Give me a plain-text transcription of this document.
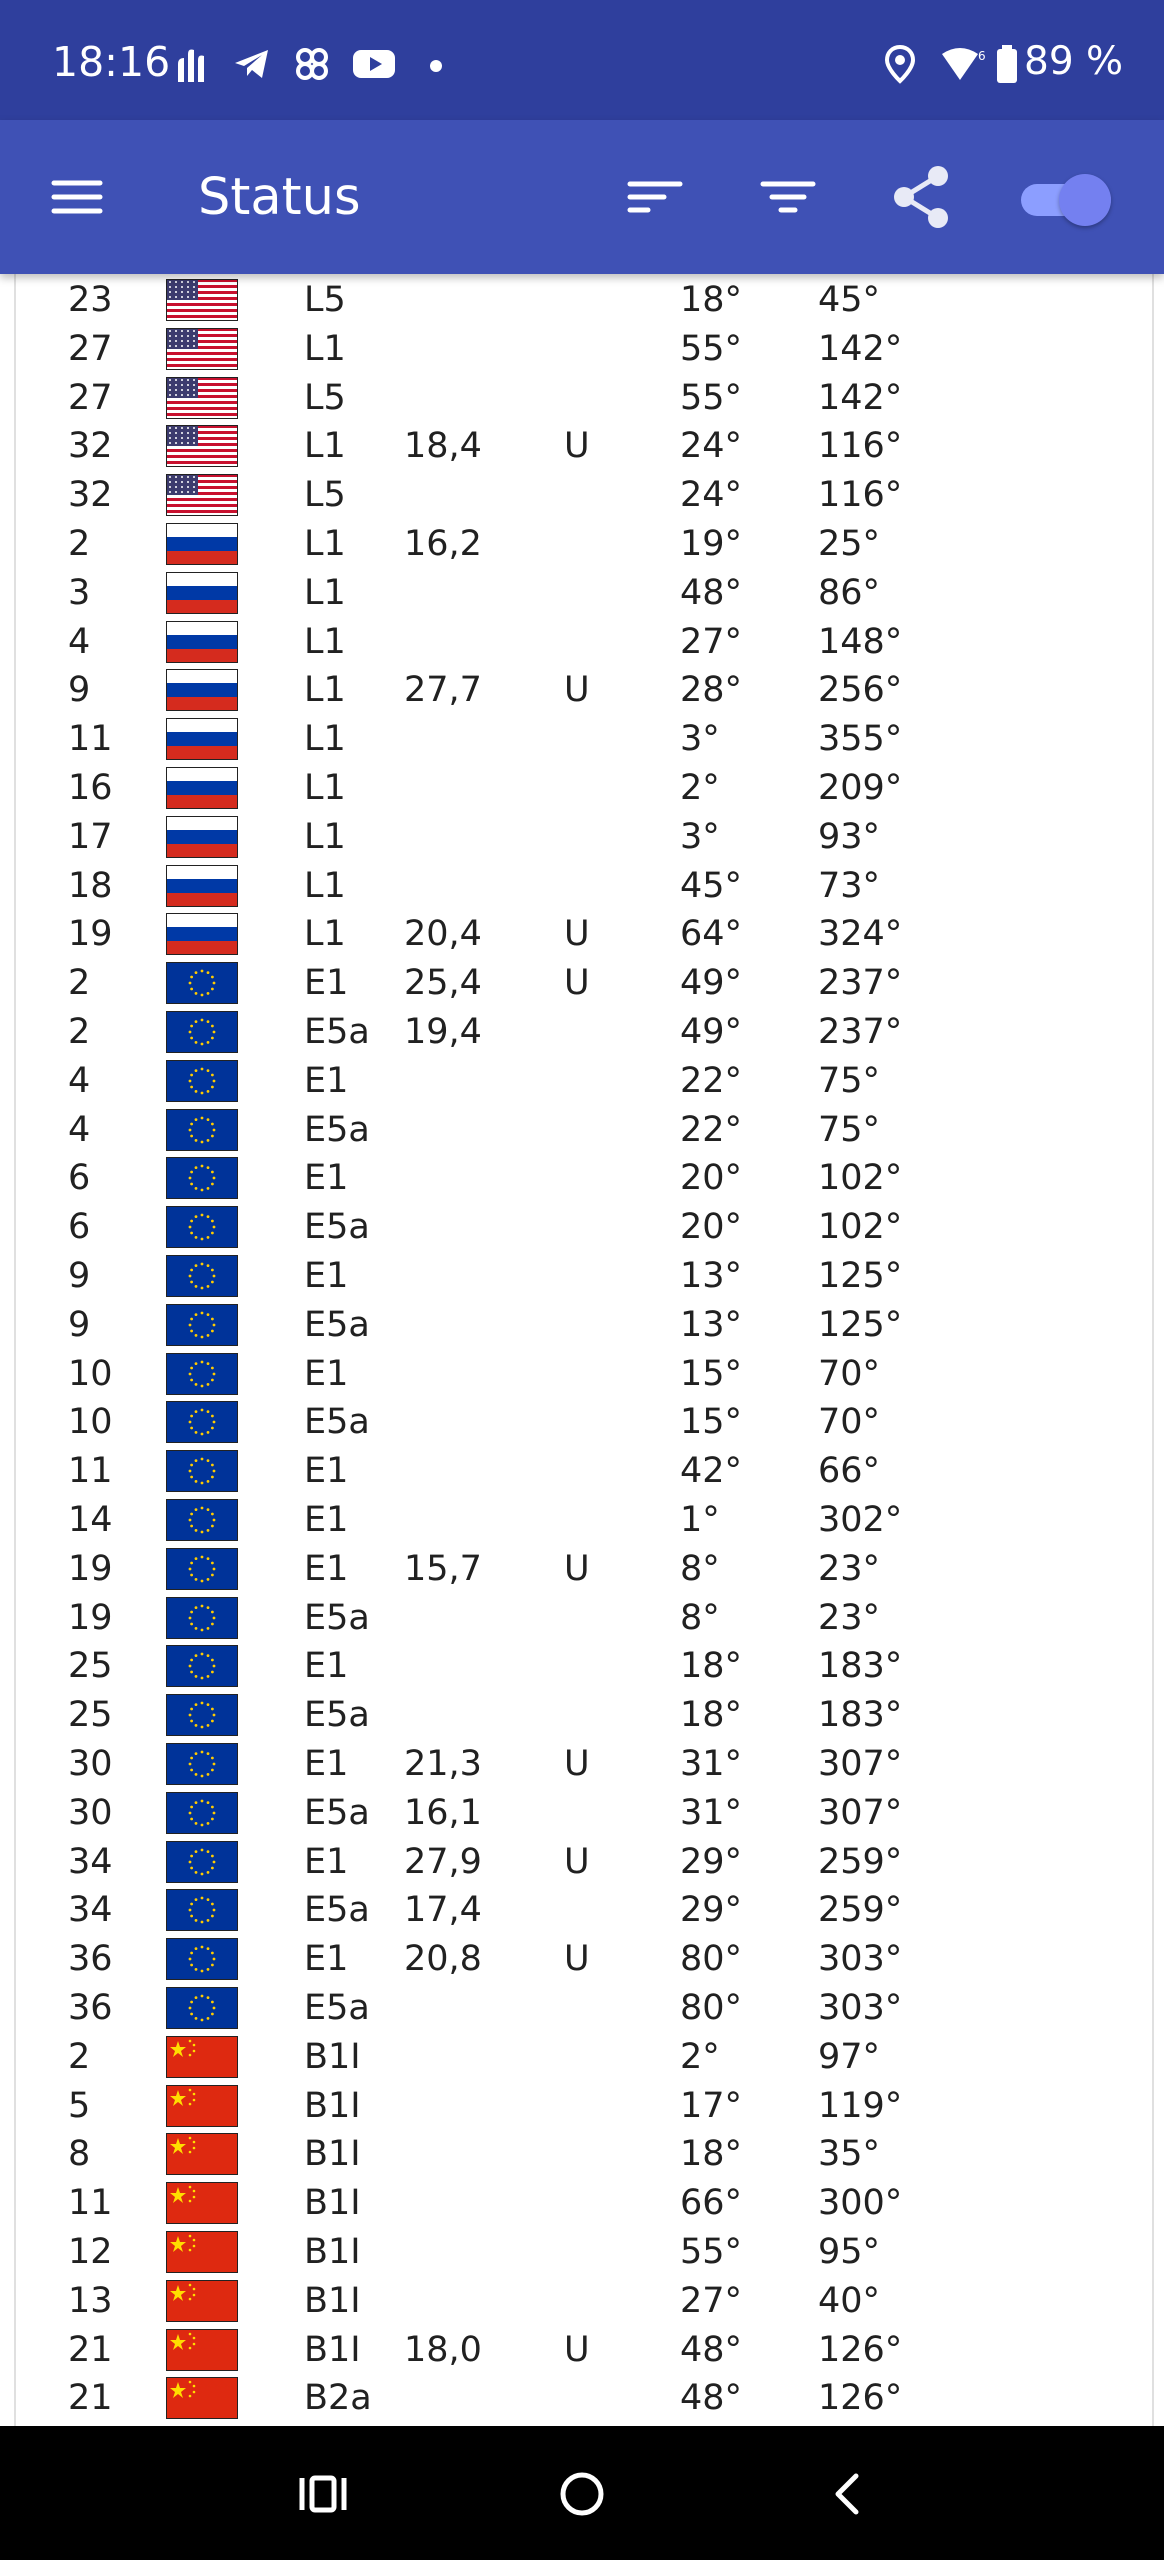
18:16	6 89 %
Status
23	L5	18° 45°
27	L1	55° 142°
27	L5	55° 142°
32	L1 18,4 U	24° 116°
32	L5	24° 116°
2	L1 16,2	19° 25°
3	L1	48° 86°
4	L1	27° 148°
9	L1 27,7 U	28° 256°
11	L1	3°	355°
16	L1	2°	209°
17	L1	3°	93°
18	L1	45° 73°
19	L1 20,4 U	64° 324°
2	E1 25,4 U	49° 237°
2	E5a 19,4	49° 237°
4	E1	22° 75°
4	E5a	22° 75°
6	E1	20° 102°
6	E5a	20° 102°
9	E1	13° 125°
9	E5a	13° 125°
10	E1	15° 70°
10	E5a	15° 70°
11	E1	42° 66°
14	E1	1°	302°
19	E1 15,7 U	8°	23°
19	E5a	8°	23°
25	E1	18° 183°
25	E5a	18° 183°
30	E1 21,3 U	31° 307°
30	E5a 16,1	31° 307°
34	E1 27,9 U	29° 259°
34	E5a 17,4	29° 259°
36	E1 20,8 U	80° 303°
36	E5a	80° 303°
2	B1I	2°	97°
5	B1I	17° 119°
8	B1I	18° 35°
11	B1I	66° 300°
12	B1I	55° 95°
13	B1I	27° 40°
21	B1I 18,0 U	48° 126°
21	B2a	48° 126°
